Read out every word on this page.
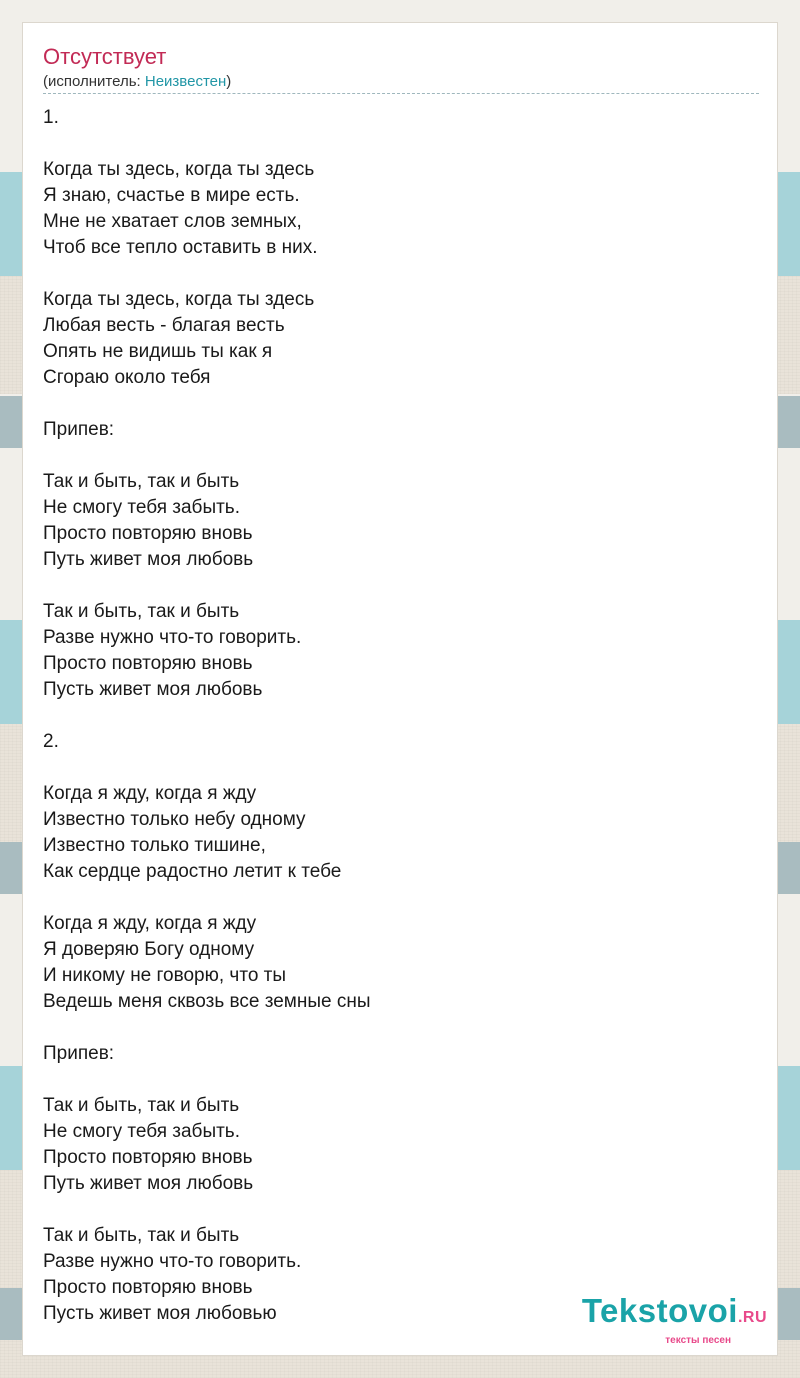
Отсутствует
(исполнитель: Неизвестен)
1.
Когда ты здесь, когда ты здесь
Я знаю, счастье в мире есть.
Мне не хватает слов земных,
Чтоб все тепло оставить в них.
Когда ты здесь, когда ты здесь
Любая весть - благая весть
Опять не видишь ты как я
Сгораю около тебя
Припев:
Так и быть, так и быть
Не смогу тебя забыть.
Просто повторяю вновь
Путь живет моя любовь
Так и быть, так и быть
Разве нужно что-то говорить.
Просто повторяю вновь
Пусть живет моя любовь
2.
Когда я жду, когда я жду
Известно только небу одному
Известно только тишине,
Как сердце радостно летит к тебе
Когда я жду, когда я жду
Я доверяю Богу одному
И никому не говорю, что ты
Ведешь меня сквозь все земные сны
Припев:
Так и быть, так и быть
Не смогу тебя забыть.
Просто повторяю вновь
Путь живет моя любовь
Так и быть, так и быть
Разве нужно что-то говорить.
Просто повторяю вновь
Пусть живет моя любовью	Tekstovoi.RU
тексты песен
